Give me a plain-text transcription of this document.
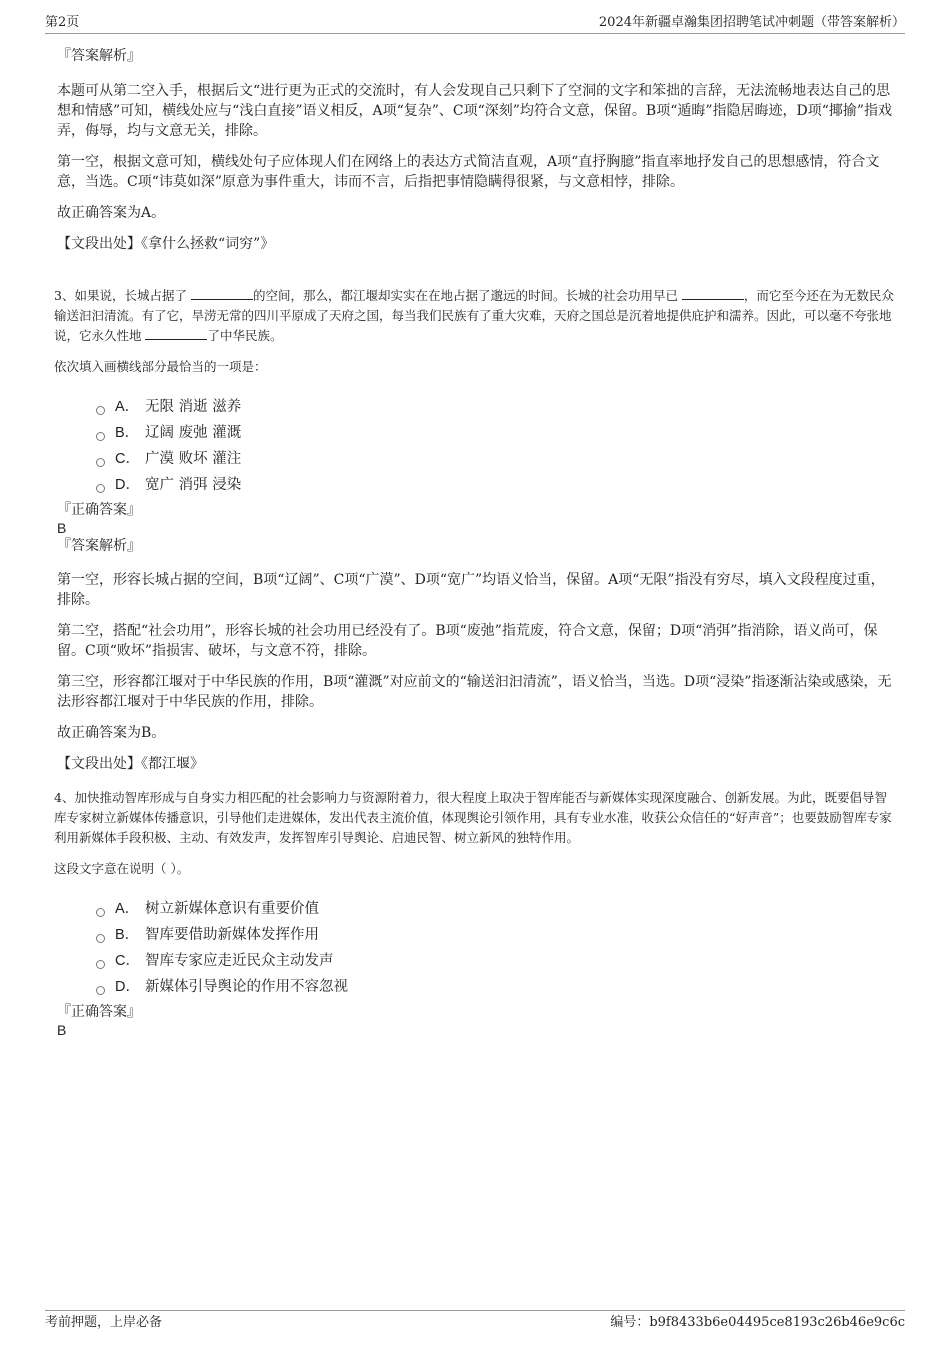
第2页	2024年新疆卓瀚集团招聘笔试冲刺题（带答案解析）

『答案解析』

本题可从第二空入手，根据后文“进行更为正式的交流时，有人会发现自己只剩下了空洞的文字和笨拙的言辞，无法流畅地表达自己的思想和情感”可知，横线处应与“浅白直接”语义相反，A项“复杂”、C项“深刻”均符合文意，保留。B项“遁晦”指隐居晦迹，D项“揶揄”指戏弄，侮辱，均与文意无关，排除。

第一空，根据文意可知，横线处句子应体现人们在网络上的表达方式简洁直观，A项“直抒胸臆”指直率地抒发自己的思想感情，符合文意，当选。C项“讳莫如深”原意为事件重大，讳而不言，后指把事情隐瞒得很紧，与文意相悖，排除。

故正确答案为A。

【文段出处】《拿什么拯救“词穷”》

3、如果说，长城占据了	的空间，那么，都江堰却实实在在地占据了邈远的时间。长城的社会功用早已	，而它至今还在为无数民众输送汩汩清流。有了它，旱涝无常的四川平原成了天府之国，每当我们民族有了重大灾难，天府之国总是沉着地提供庇护和濡养。因此，可以毫不夸张地说，它永久性地	了中华民族。

依次填入画横线部分最恰当的一项是：

A． 无限 消逝 滋养
B． 辽阔 废弛 灌溉
C． 广漠 败坏 灌注
D． 宽广 消弭 浸染

『正确答案』

B

『答案解析』

第一空，形容长城占据的空间，B项“辽阔”、C项“广漠”、D项“宽广”均语义恰当，保留。A项“无限”指没有穷尽，填入文段程度过重，排除。

第二空，搭配“社会功用”，形容长城的社会功用已经没有了。B项“废弛”指荒废，符合文意，保留；D项“消弭”指消除，语义尚可，保留。C项“败坏”指损害、破坏，与文意不符，排除。

第三空，形容都江堰对于中华民族的作用，B项“灌溉”对应前文的“输送汩汩清流”，语义恰当，当选。D项“浸染”指逐渐沾染或感染，无法形容都江堰对于中华民族的作用，排除。

故正确答案为B。

【文段出处】《都江堰》

4、加快推动智库形成与自身实力相匹配的社会影响力与资源附着力，很大程度上取决于智库能否与新媒体实现深度融合、创新发展。为此，既要倡导智库专家树立新媒体传播意识，引导他们走进媒体，发出代表主流价值，体现舆论引领作用，具有专业水准，收获公众信任的“好声音”；也要鼓励智库专家利用新媒体手段积极、主动、有效发声，发挥智库引导舆论、启迪民智、树立新风的独特作用。

这段文字意在说明（ ）。

A． 树立新媒体意识有重要价值
B． 智库要借助新媒体发挥作用
C． 智库专家应走近民众主动发声
D． 新媒体引导舆论的作用不容忽视

『正确答案』

B

考前押题，上岸必备	编号：b9f8433b6e04495ce8193c26b46e9c6c
